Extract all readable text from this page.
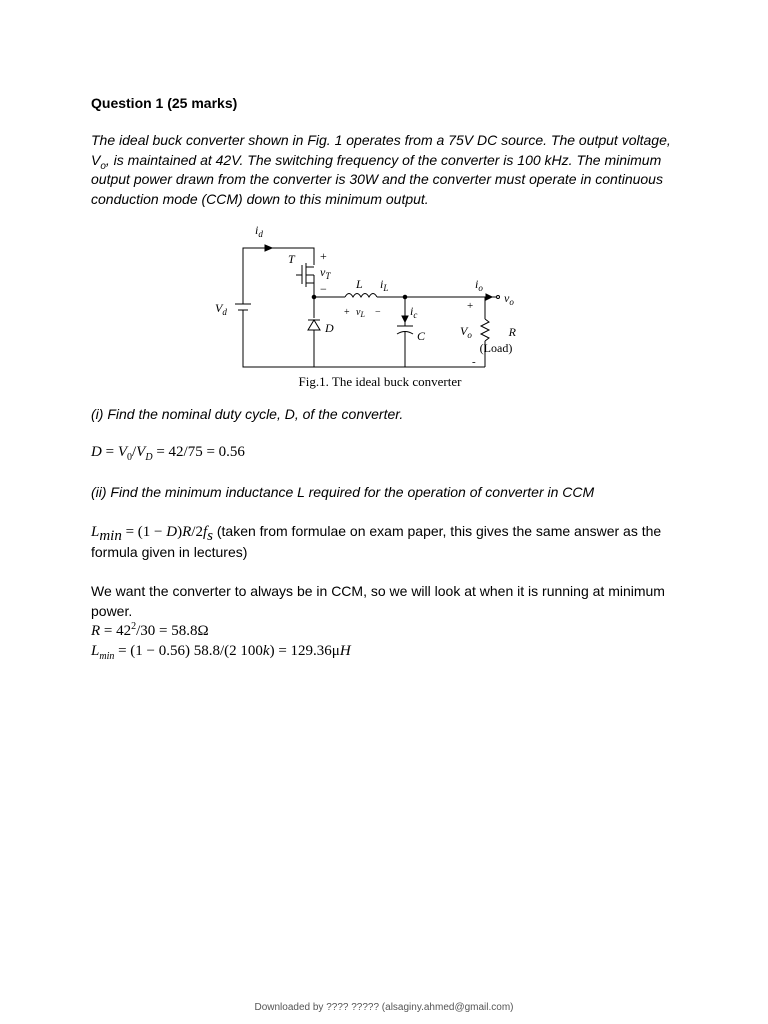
Question 1 (25 marks)
The ideal buck converter shown in Fig. 1 operates from a 75V DC source. The output voltage, $V_o$, is maintained at 42V. The switching frequency of the converter is 100 kHz. The minimum output power drawn from the converter is 30W and the converter must operate in continuous conduction mode (CCM) down to this minimum output.
$i_d$
T +
$v_T$
− L $i_L$
+ $v_L - i_c$
C
D
$V_d$
$i_o$
$v_o$
+
$V_o$
-
R
(Load)
Fig.1. The ideal buck converter
(i) Find the nominal duty cycle, D, of the converter.
$D = V_0/V_D = 42/75 = 0.56$
(ii) Find the minimum inductance L required for the operation of converter in CCM
$L_{min} = (1 - D)R/2f_s$ (taken from formulae on exam paper, this gives the same answer as the formula given in lectures)
We want the converter to always be in CCM, so we will look at when it is running at minimum power.
$R = 42^2/30 = 58.8\Omega$
$L_{min} = (1 - 0.56)$ 58.8/(2 100k) = 129.36μH
Downloaded by ???? ????? (alsaginy.ahmed@gmail.com)
